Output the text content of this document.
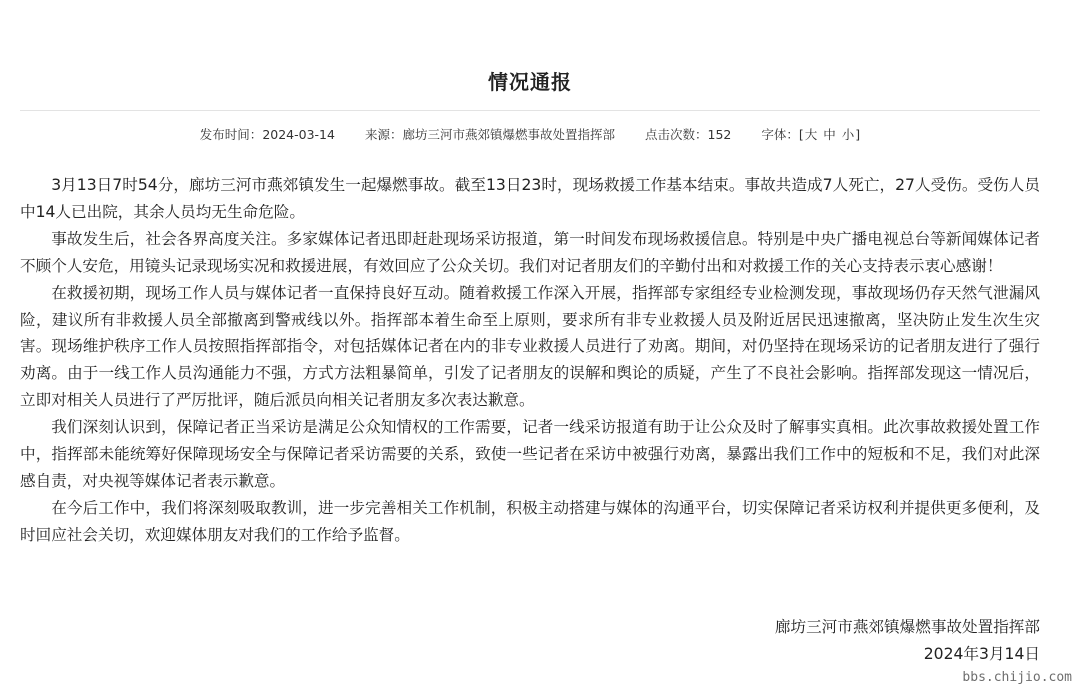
情况通报
发布时间：2024-03-14 来源：廊坊三河市燕郊镇爆燃事故处置指挥部 点击次数：152 字体：[大 中 小]

3月13日7时54分，廊坊三河市燕郊镇发生一起爆燃事故。截至13日23时，现场救援工作基本结束。事故共造成7人死亡，27人受伤。受伤人员中14人已出院，其余人员均无生命危险。

事故发生后，社会各界高度关注。多家媒体记者迅即赶赴现场采访报道，第一时间发布现场救援信息。特别是中央广播电视总台等新闻媒体记者不顾个人安危，用镜头记录现场实况和救援进展，有效回应了公众关切。我们对记者朋友们的辛勤付出和对救援工作的关心支持表示衷心感谢！

在救援初期，现场工作人员与媒体记者一直保持良好互动。随着救援工作深入开展，指挥部专家组经专业检测发现，事故现场仍存天然气泄漏风险，建议所有非救援人员全部撤离到警戒线以外。指挥部本着生命至上原则，要求所有非专业救援人员及附近居民迅速撤离，坚决防止发生次生灾害。现场维护秩序工作人员按照指挥部指令，对包括媒体记者在内的非专业救援人员进行了劝离。期间，对仍坚持在现场采访的记者朋友进行了强行劝离。由于一线工作人员沟通能力不强，方式方法粗暴简单，引发了记者朋友的误解和舆论的质疑，产生了不良社会影响。指挥部发现这一情况后，立即对相关人员进行了严厉批评，随后派员向相关记者朋友多次表达歉意。

我们深刻认识到，保障记者正当采访是满足公众知情权的工作需要，记者一线采访报道有助于让公众及时了解事实真相。此次事故救援处置工作中，指挥部未能统筹好保障现场安全与保障记者采访需要的关系，致使一些记者在采访中被强行劝离，暴露出我们工作中的短板和不足，我们对此深感自责，对央视等媒体记者表示歉意。

在今后工作中，我们将深刻吸取教训，进一步完善相关工作机制，积极主动搭建与媒体的沟通平台，切实保障记者采访权利并提供更多便利，及时回应社会关切，欢迎媒体朋友对我们的工作给予监督。

廊坊三河市燕郊镇爆燃事故处置指挥部
2024年3月14日
bbs.chijio.com
